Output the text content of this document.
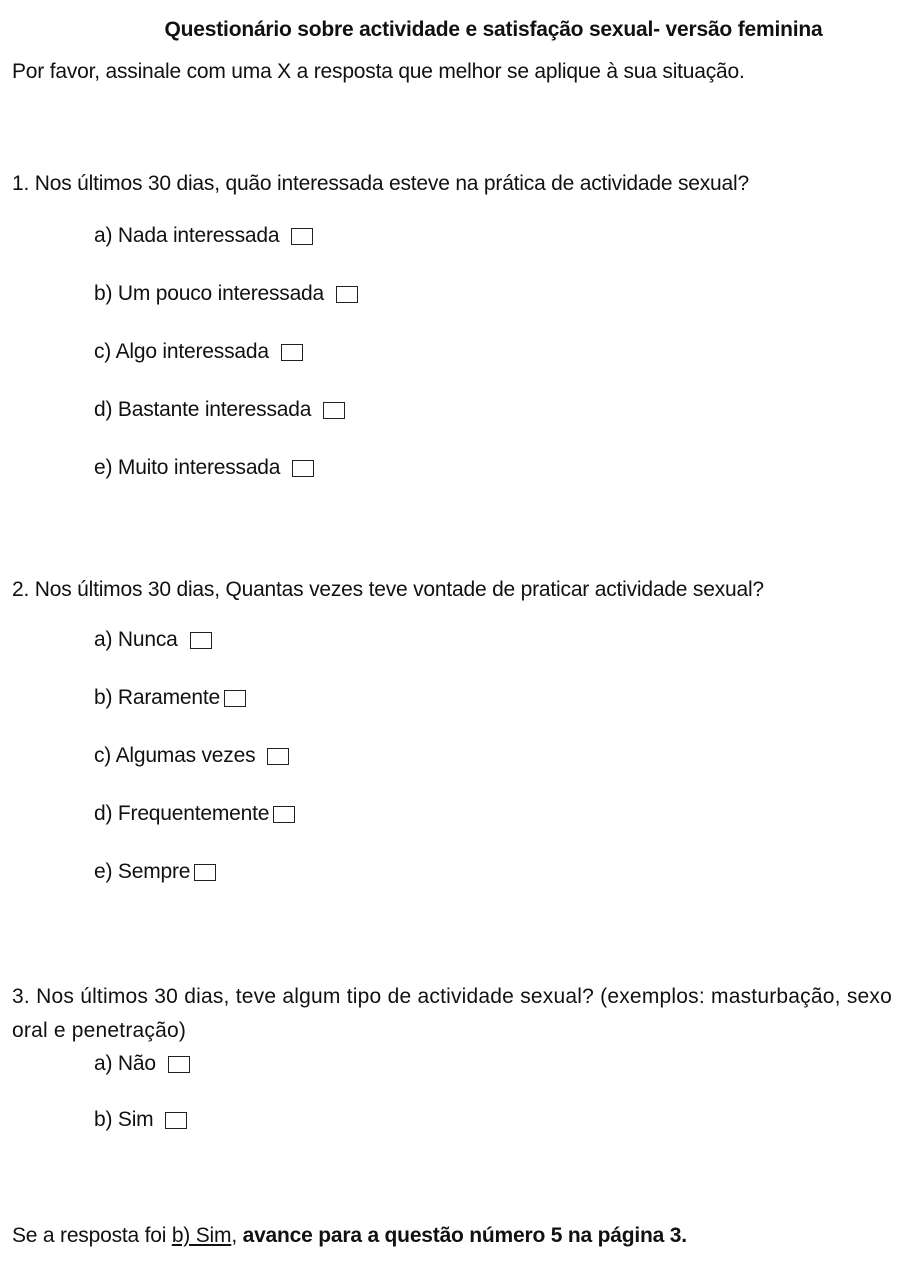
Questionário sobre actividade e satisfação sexual- versão feminina
Por favor, assinale com uma X a resposta que melhor se aplique à sua situação.
1. Nos últimos 30 dias, quão interessada esteve na prática de actividade sexual?
a) Nada interessada
b) Um pouco interessada
c) Algo interessada
d) Bastante interessada
e) Muito interessada
2. Nos últimos 30 dias, Quantas vezes teve vontade de praticar actividade sexual?
a) Nunca
b) Raramente
c) Algumas vezes
d) Frequentemente
e) Sempre
3. Nos últimos 30 dias, teve algum tipo de actividade sexual? (exemplos: masturbação, sexo oral e penetração)
a) Não
b) Sim
Se a resposta foi b) Sim, avance para a questão número 5 na página 3.
